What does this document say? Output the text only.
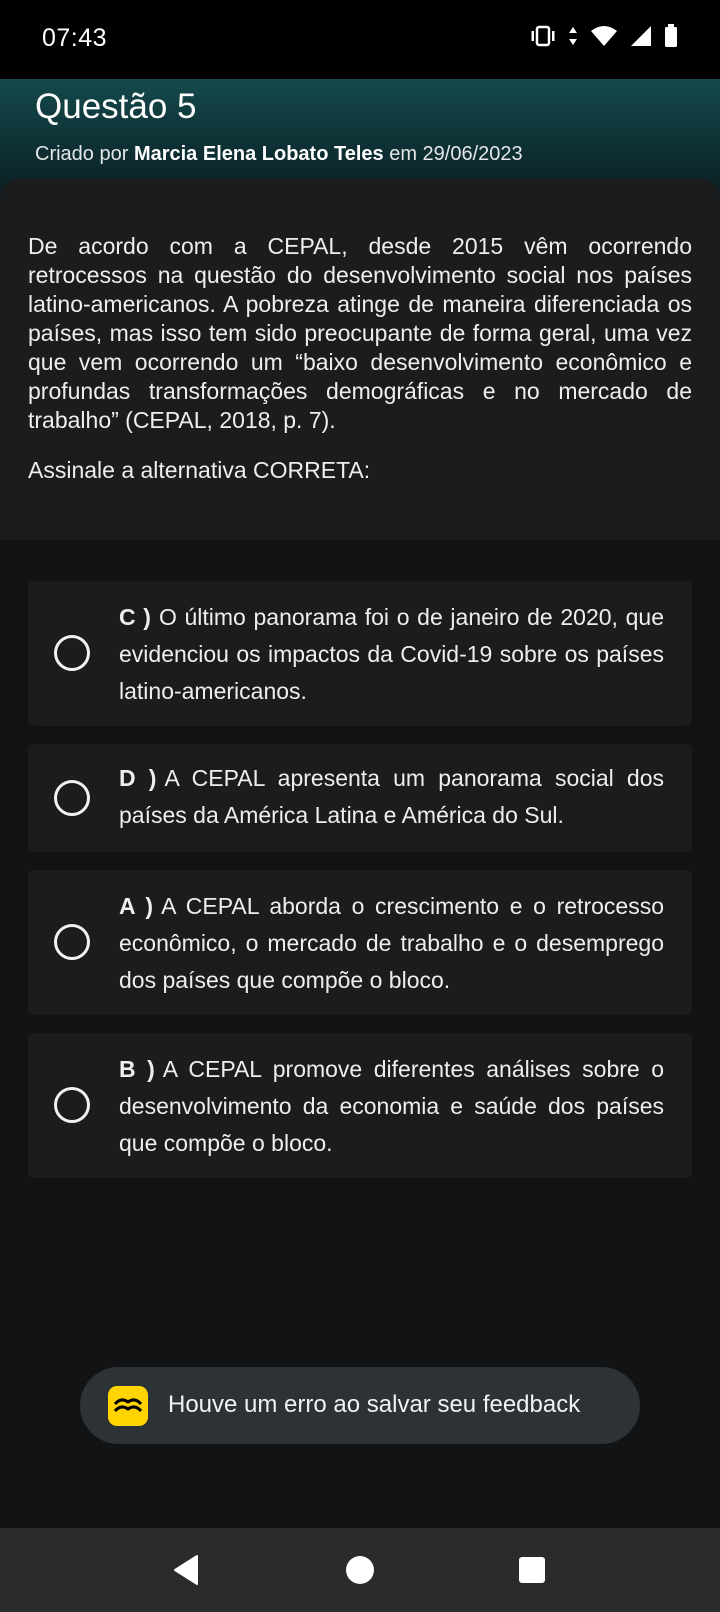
07:43
Questão 5
Criado por Marcia Elena Lobato Teles em 29/06/2023
De acordo com a CEPAL, desde 2015 vêm ocorrendo retrocessos na questão do desenvolvimento social nos países latino-americanos. A pobreza atinge de maneira diferenciada os países, mas isso tem sido preocupante de forma geral, uma vez que vem ocorrendo um “baixo desenvolvimento econômico e profundas transformações demográficas e no mercado de trabalho” (CEPAL, 2018, p. 7).
Assinale a alternativa CORRETA:
C ) O último panorama foi o de janeiro de 2020, que evidenciou os impactos da Covid-19 sobre os países latino-americanos.
D ) A CEPAL apresenta um panorama social dos países da América Latina e América do Sul.
A ) A CEPAL aborda o crescimento e o retrocesso econômico, o mercado de trabalho e o desemprego dos países que compõe o bloco.
B ) A CEPAL promove diferentes análises sobre o desenvolvimento da economia e saúde dos países que compõe o bloco.
Houve um erro ao salvar seu feedback
